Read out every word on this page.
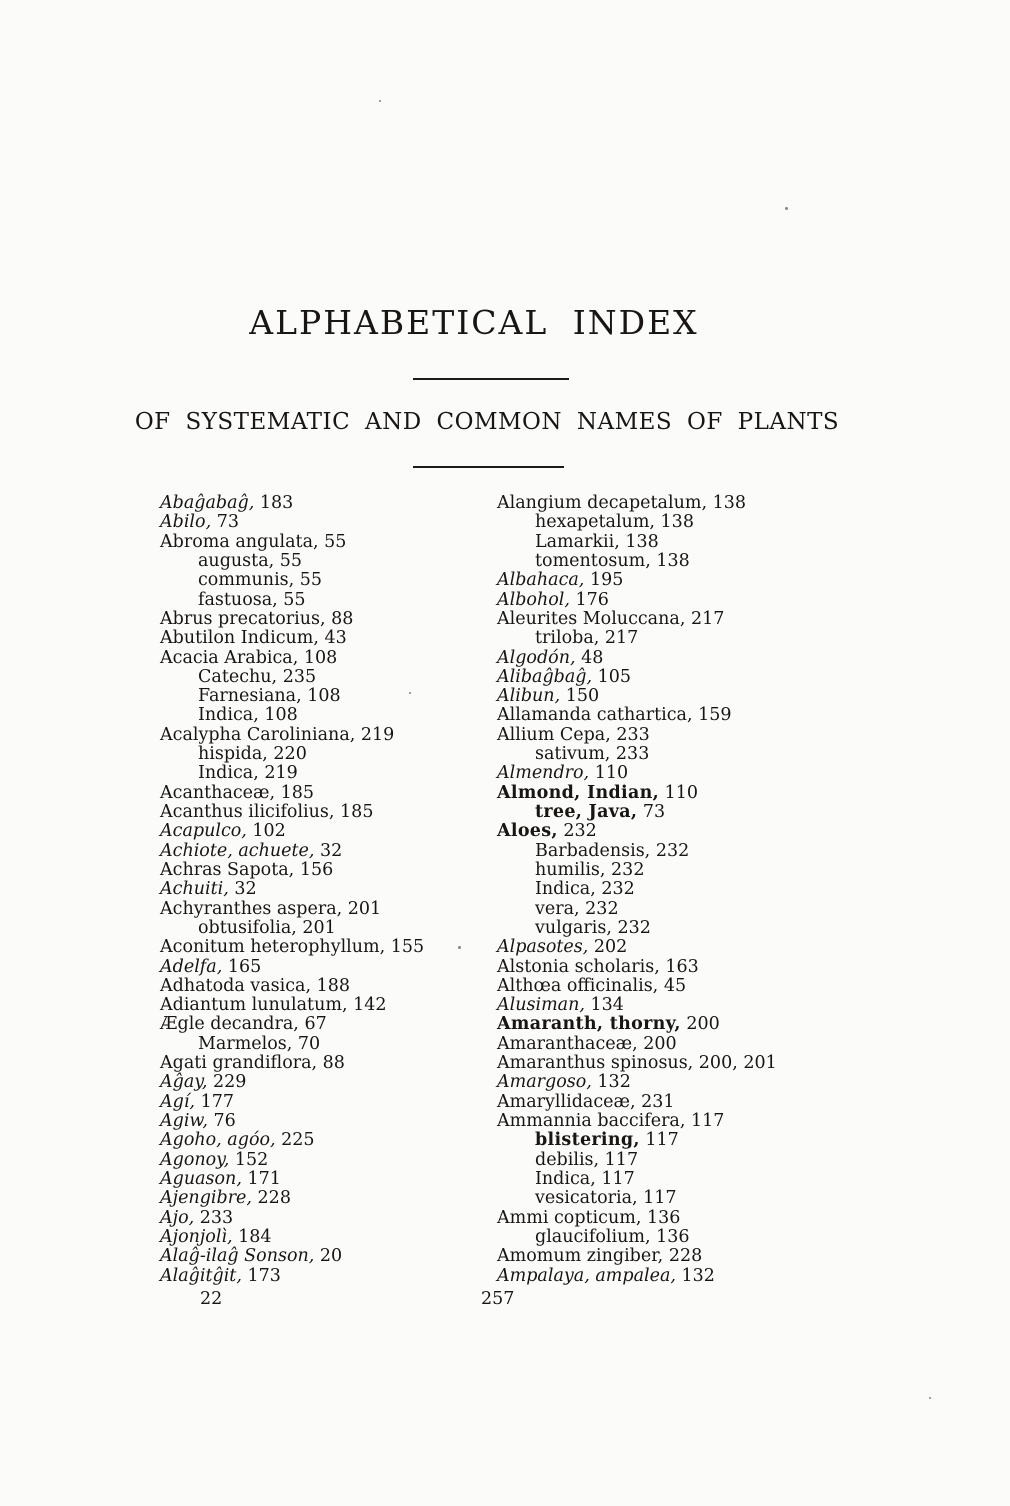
ALPHABETICAL INDEX
OF SYSTEMATIC AND COMMON NAMES OF PLANTS
Abaĝabaĝ, 183
Abilo, 73
Abroma angulata, 55
augusta, 55
communis, 55
fastuosa, 55
Abrus precatorius, 88
Abutilon Indicum, 43
Acacia Arabica, 108
Catechu, 235
Farnesiana, 108
Indica, 108
Acalypha Caroliniana, 219
hispida, 220
Indica, 219
Acanthaceæ, 185
Acanthus ilicifolius, 185
Acapulco, 102
Achiote, achuete, 32
Achras Sapota, 156
Achuiti, 32
Achyranthes aspera, 201
obtusifolia, 201
Aconitum heterophyllum, 155
Adelfa, 165
Adhatoda vasica, 188
Adiantum lunulatum, 142
Ægle decandra, 67
Marmelos, 70
Agati grandiflora, 88
Aĝay, 229
Agí, 177
Agiw, 76
Agoho, agóo, 225
Agonoy, 152
Aguason, 171
Ajengibre, 228
Ajo, 233
Ajonjolì, 184
Alaĝ-ilaĝ Sonson, 20
Alaĝitĝit, 173
Alangium decapetalum, 138
hexapetalum, 138
Lamarkii, 138
tomentosum, 138
Albahaca, 195
Albohol, 176
Aleurites Moluccana, 217
triloba, 217
Algodón, 48
Alibaĝbaĝ, 105
Alibun, 150
Allamanda cathartica, 159
Allium Cepa, 233
sativum, 233
Almendro, 110
Almond, Indian, 110
tree, Java, 73
Aloes, 232
Barbadensis, 232
humilis, 232
Indica, 232
vera, 232
vulgaris, 232
Alpasotes, 202
Alstonia scholaris, 163
Althœa officinalis, 45
Alusiman, 134
Amaranth, thorny, 200
Amaranthaceæ, 200
Amaranthus spinosus, 200, 201
Amargoso, 132
Amaryllidaceæ, 231
Ammannia baccifera, 117
blistering, 117
debilis, 117
Indica, 117
vesicatoria, 117
Ammi copticum, 136
glaucifolium, 136
Amomum zingiber, 228
Ampalaya, ampalea, 132
22	257
